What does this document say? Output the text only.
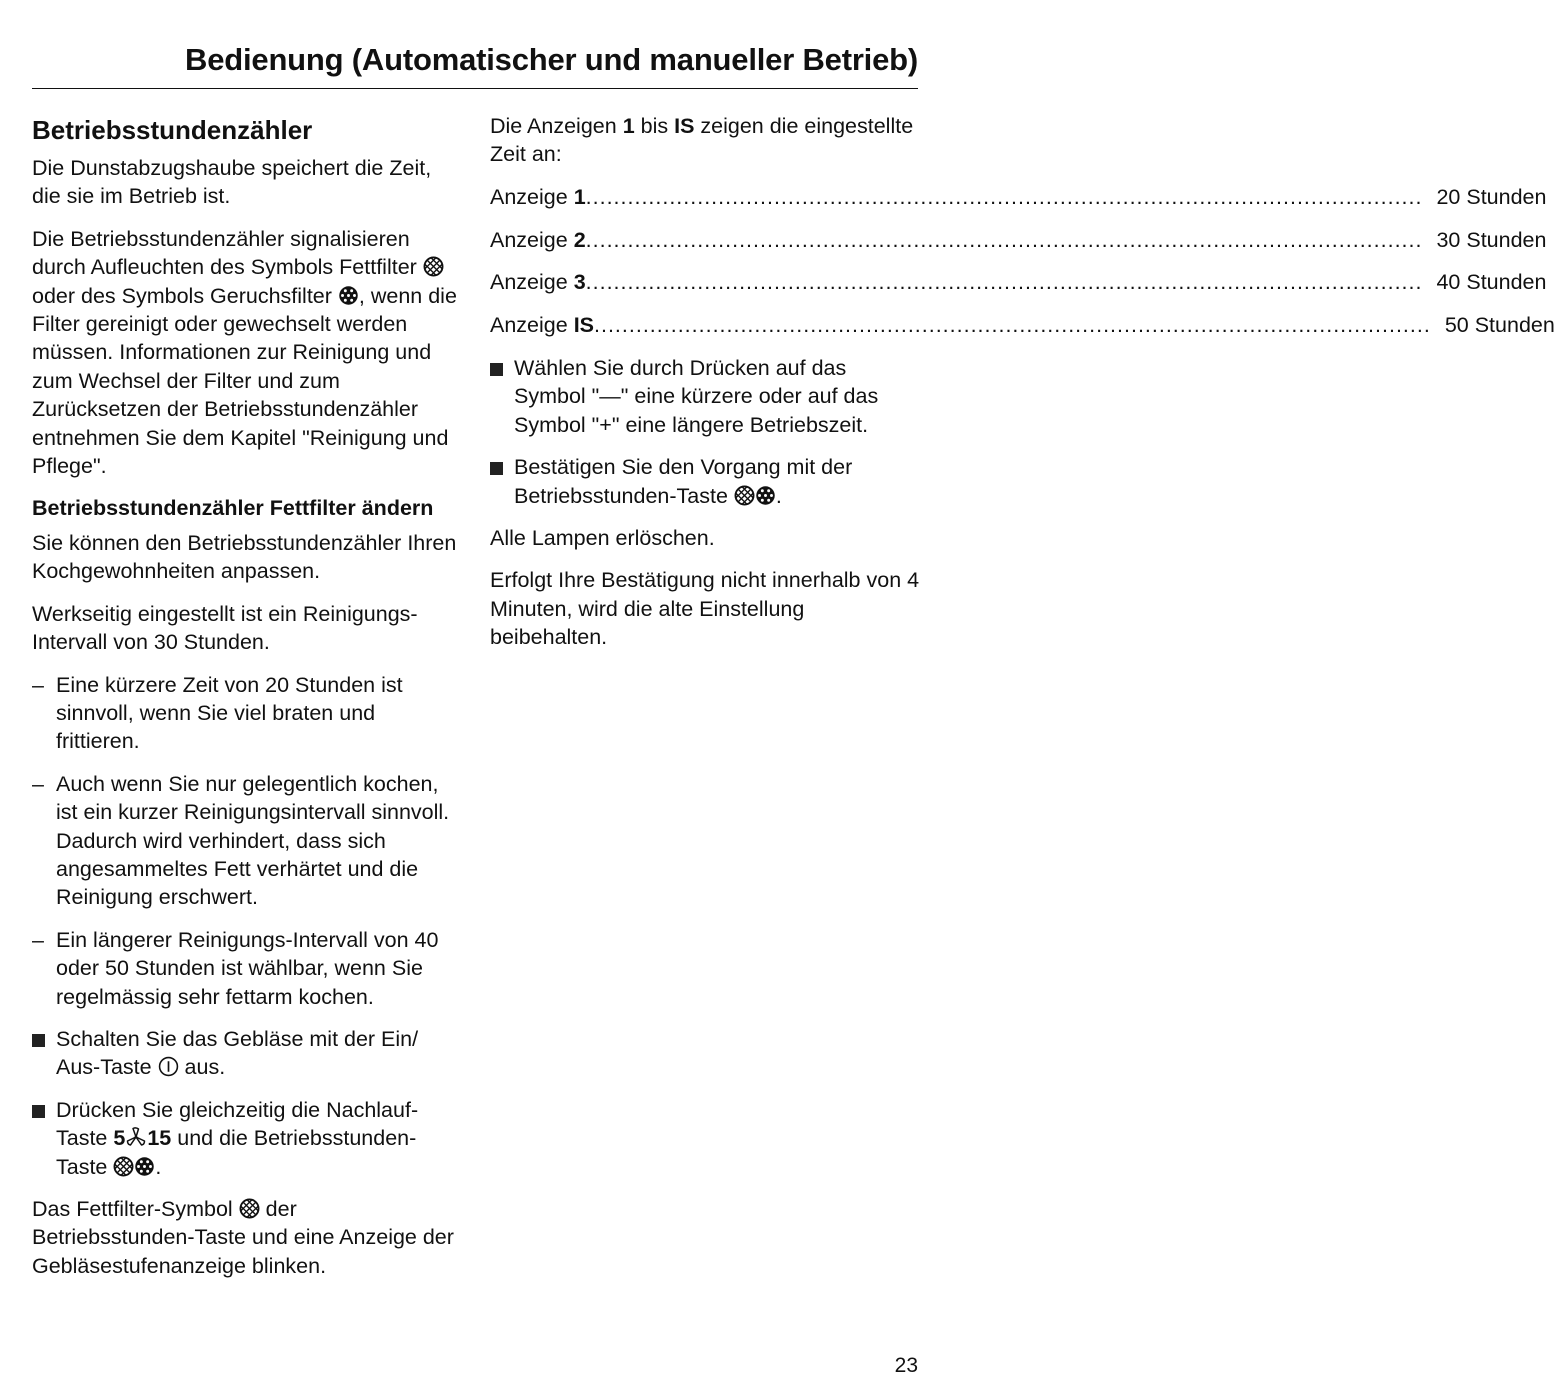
Bedienung (Automatischer und manueller Betrieb)
Betriebsstundenzähler

Die Dunstabzugshaube speichert die Zeit, die sie im Betrieb ist.

Die Betriebsstundenzähler signalisieren durch Aufleuchten des Symbols Fettfilter  oder des Symbols Geruchsfilter , wenn die Filter gereinigt oder gewechselt werden müssen. Informationen zur Reinigung und zum Wechsel der Filter und zum Zurücksetzen der Betriebsstundenzähler entnehmen Sie dem Kapitel "Reinigung und Pflege".

Betriebsstundenzähler Fettfilter ändern

Sie können den Betriebsstundenzähler Ihren Kochgewohnheiten anpassen.

Werkseitig eingestellt ist ein Reinigungs-Intervall von 30 Stunden.

– Eine kürzere Zeit von 20 Stunden ist sinnvoll, wenn Sie viel braten und frittieren.
– Auch wenn Sie nur gelegentlich kochen, ist ein kurzer Reinigungsintervall sinnvoll. Dadurch wird verhindert, dass sich angesammeltes Fett verhärtet und die Reinigung erschwert.
– Ein längerer Reinigungs-Intervall von 40 oder 50 Stunden ist wählbar, wenn Sie regelmässig sehr fettarm kochen.
Schalten Sie das Gebläse mit der Ein/ Aus-Taste  aus.
Drücken Sie gleichzeitig die Nachlauf-Taste 5 15 und die Betriebsstunden-Taste .

Das Fettfilter-Symbol  der Betriebsstunden-Taste und eine Anzeige der Gebläsestufenanzeige blinken.

Die Anzeigen 1 bis IS zeigen die eingestellte Zeit an:

Anzeige 1 ........................................................................................................................ 20 Stunden
Anzeige 2 ........................................................................................................................ 30 Stunden
Anzeige 3 ........................................................................................................................ 40 Stunden
Anzeige IS ........................................................................................................................ 50 Stunden
Wählen Sie durch Drücken auf das Symbol "—" eine kürzere oder auf das Symbol "+" eine längere Betriebszeit.
Bestätigen Sie den Vorgang mit der Betriebsstunden-Taste .

Alle Lampen erlöschen.

Erfolgt Ihre Bestätigung nicht innerhalb von 4 Minuten, wird die alte Einstellung beibehalten.

23
